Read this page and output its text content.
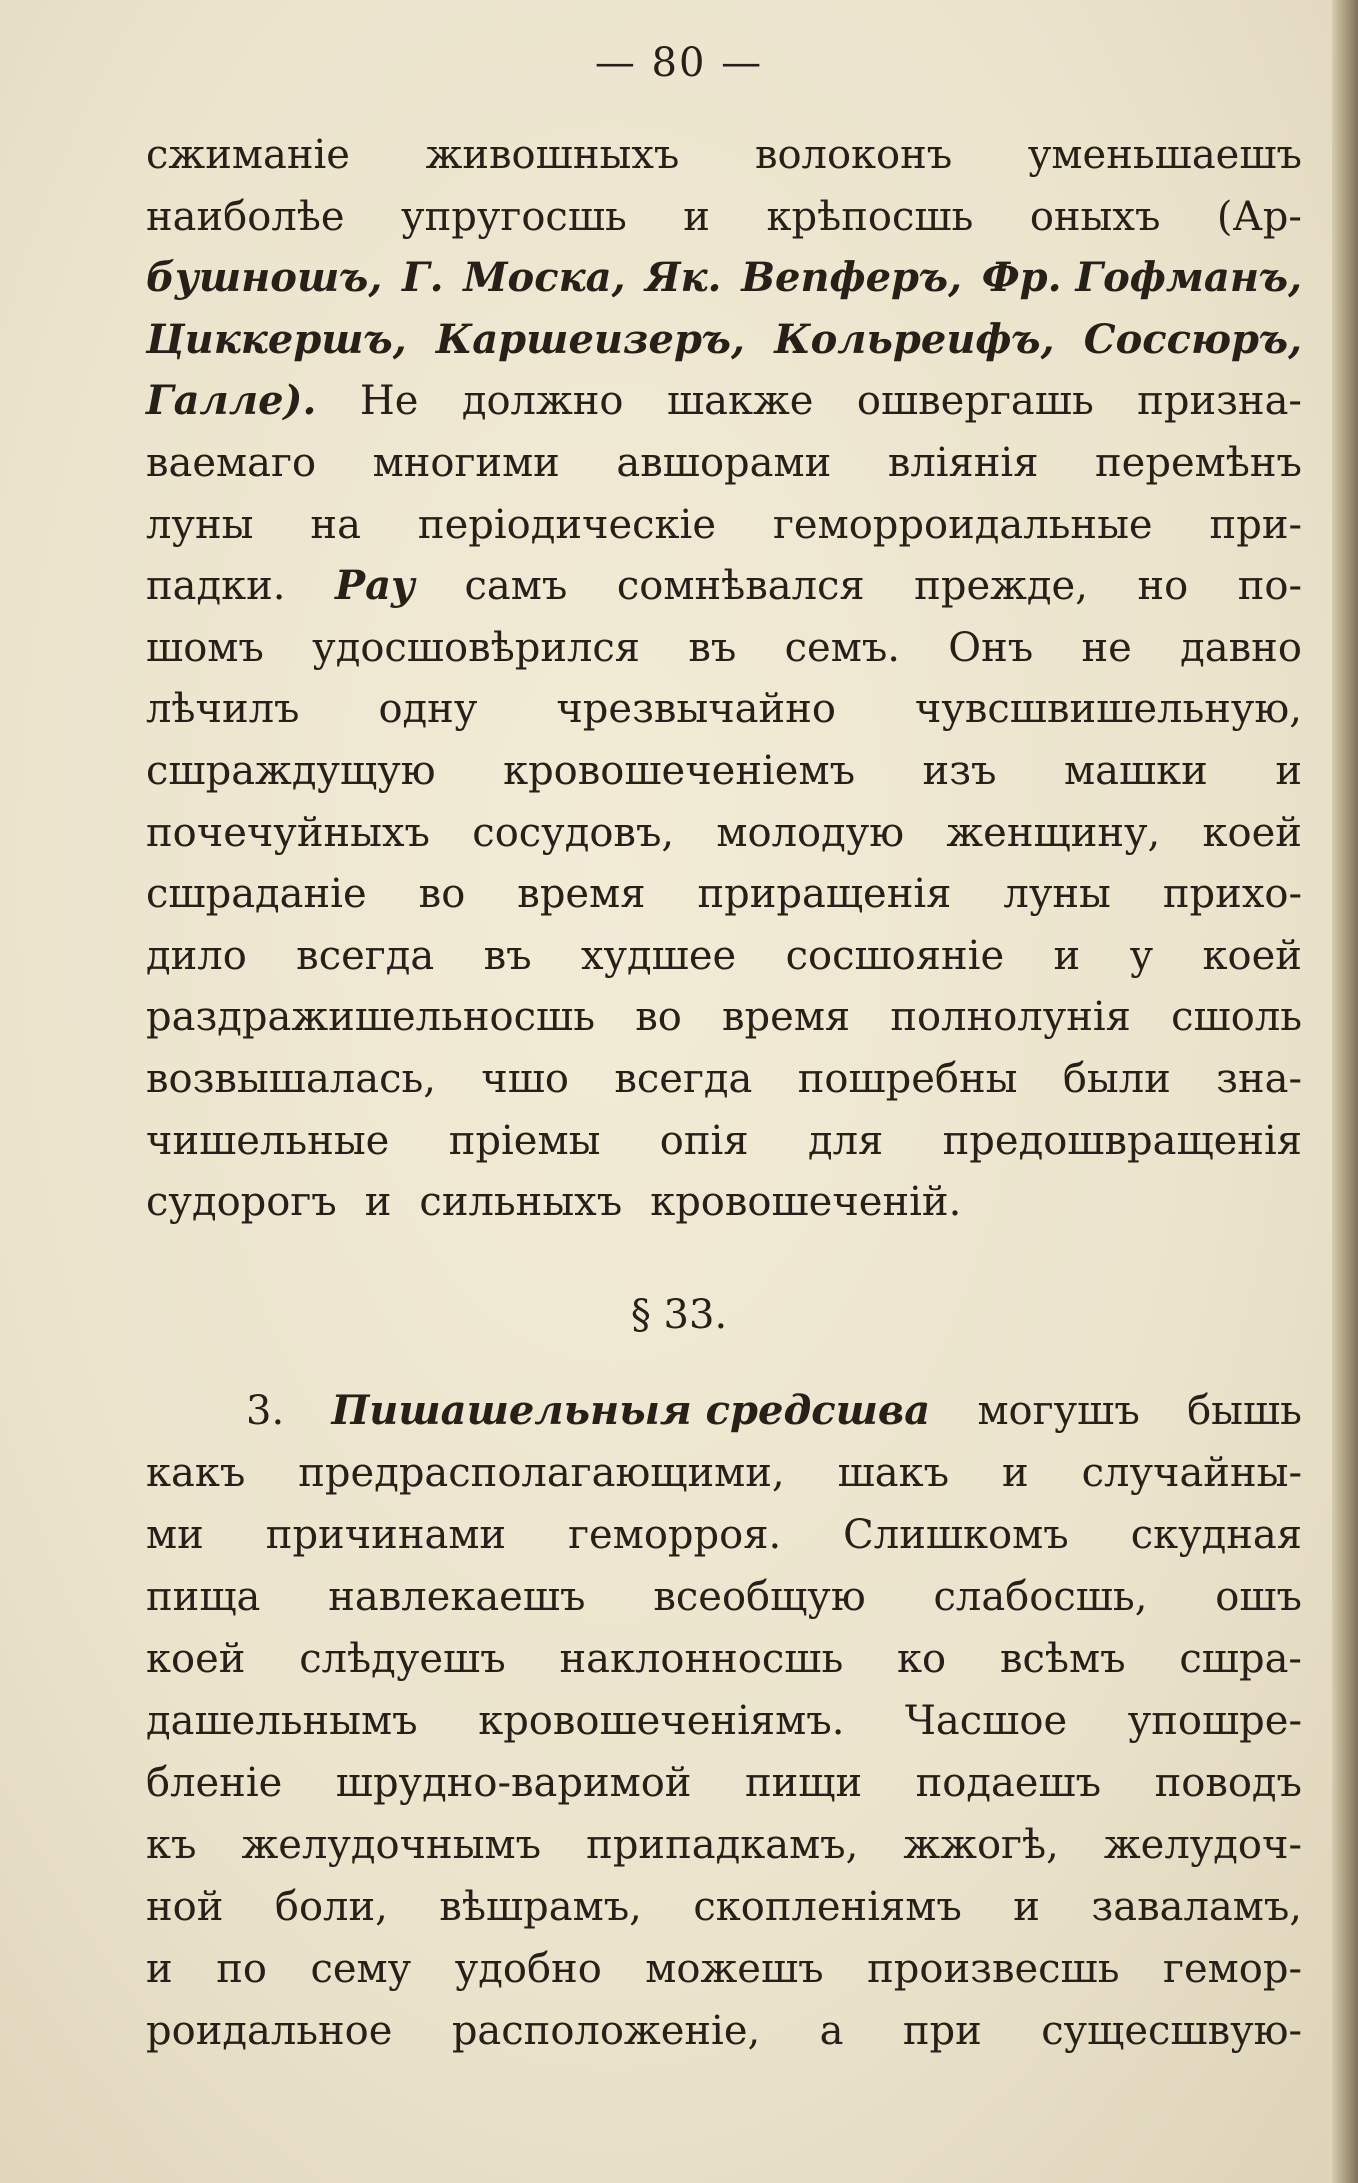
— 80 —
сжиманіе живошныхъ волоконъ уменьшаешъ
наиболѣе упругосшь и крѣпосшь оныхъ (Ар-
бушношъ, Г. Моска, Як. Вепферъ, Фр. Гофманъ,
Циккершъ, Каршеизеръ, Кольреифъ, Соссюръ,
Галле). Не должно шакже ошвергашь призна-
ваемаго многими авшорами вліянія перемѣнъ
луны на періодическіе геморроидальные при-
падки. Рау самъ сомнѣвался прежде, но по-
шомъ удосшовѣрился въ семъ. Онъ не давно
лѣчилъ одну чрезвычайно чувсшвишельную,
сшраждущую кровошеченіемъ изъ машки и
почечуйныхъ сосудовъ, молодую женщину, коей
сшраданіе во время приращенія луны прихо-
дило всегда въ худшее сосшояніе и у коей
раздражишельносшь во время полнолунія сшоль
возвышалась, чшо всегда пошребны были зна-
чишельные пріемы опія для предошвращенія
судорогъ и сильныхъ кровошеченій.
3. Пишашельныя средсшва могушъ бышь
какъ предрасполагающими, шакъ и случайны-
ми причинами геморроя. Слишкомъ скудная
пища навлекаешъ всеобщую слабосшь, ошъ
коей слѣдуешъ наклонносшь ко всѣмъ сшра-
дашельнымъ кровошеченіямъ. Часшое упошре-
бленіе шрудно-варимой пищи подаешъ поводъ
къ желудочнымъ припадкамъ, жжогѣ, желудоч-
ной боли, вѣшрамъ, скопленіямъ и заваламъ,
и по сему удобно можешъ произвесшь гемор-
роидальное расположеніе, а при сущесшвую-
§ 33.
